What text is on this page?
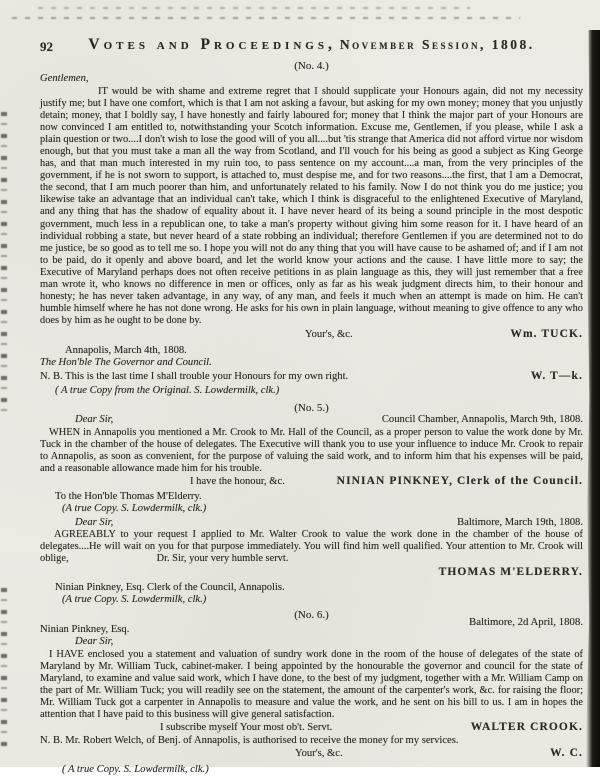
92	Votes and Proceedings, November Session, 1808.
(No. 4.)
Gentlemen,

IT would be with shame and extreme regret that I should supplicate your Honours again, did not my necessity justify me; but I have one comfort, which is that I am not asking a favour, but asking for my own money; money that you unjustly detain; money, that I boldly say, I have honestly and fairly laboured for; money that I think the major part of your Honours are now convinced I am entitled to, notwithstanding your Scotch information. Excuse me, Gentlemen, if you please, while I ask a plain question or two....I don't wish to lose the good will of you all....but 'tis strange that America did not afford virtue nor wisdom enough, but that you must take a man all the way from Scotland, and I'll vouch for his being as good a subject as King George has, and that man much interested in my ruin too, to pass sentence on my account....a man, from the very principles of the government, if he is not sworn to support, is attached to, must despise me, and for two reasons....the first, that I am a Democrat, the second, that I am much poorer than him, and unfortunately related to his family. Now I do not think you do me justice; you likewise take an advantage that an individual can't take, which I think is disgraceful to the enlightened Executive of Maryland, and any thing that has the shadow of equality about it. I have never heard of its being a sound principle in the most despotic government, much less in a republican one, to take a man's property without giving him some reason for it. I have heard of an individual robbing a state, but never heard of a state robbing an individual; therefore Gentlemen if you are determined not to do me justice, be so good as to tell me so. I hope you will not do any thing that you will have cause to be ashamed of; and if I am not to be paid, do it openly and above board, and let the world know your actions and the cause. I have little more to say; the Executive of Maryland perhaps does not often receive petitions in as plain language as this, they will just remember that a free man wrote it, who knows no difference in men or offices, only as far as his weak judgment directs him, to their honour and honesty; he has never taken advantage, in any way, of any man, and feels it much when an attempt is made on him. He can't humble himself where he has not done wrong. He asks for his own in plain language, without meaning to give offence to any who does by him as he ought to be done by.

Your's, &c.	Wm. TUCK.
Annapolis, March 4th, 1808.
The Hon'ble The Governor and Council.
N. B. This is the last time I shall trouble your Honours for my own right.	W. T—k.
( A true Copy from the Original. S. Lowdermilk, clk.)
(No. 5.)
Dear Sir,	Council Chamber, Annapolis, March 9th, 1808.

WHEN in Annapolis you mentioned a Mr. Crook to Mr. Hall of the Council, as a proper person to value the work done by Mr. Tuck in the chamber of the house of delegates. The Executive will thank you to use your influence to induce Mr. Crook to repair to Annapolis, as soon as convenient, for the purpose of valuing the said work, and to inform him that his expenses will be paid, and a reasonable allowance made him for his trouble.

I have the honour, &c.	NINIAN PINKNEY, Clerk of the Council.
To the Hon'ble Thomas M'Elderry.
(A true Copy. S. Lowdermilk, clk.)
Dear Sir,	Baltimore, March 19th, 1808.

AGREEABLY to your request I applied to Mr. Walter Crook to value the work done in the chamber of the house of delegates....He will wait on you for that purpose immediately. You will find him well qualified. Your attention to Mr. Crook will oblige,	Dr. Sir, your very humble servt.

THOMAS M'ELDERRY.
Ninian Pinkney, Esq. Clerk of the Council, Annapolis.
(A true Copy. S. Lowdermilk, clk.)
(No. 6.)
Baltimore, 2d April, 1808.
Ninian Pinkney, Esq.
Dear Sir,

I HAVE enclosed you a statement and valuation of sundry work done in the room of the house of delegates of the state of Maryland by Mr. William Tuck, cabinet-maker. I being appointed by the honourable the governor and council for the state of Maryland, to examine and value said work, which I have done, to the best of my judgment, together with a Mr. William Camp on the part of Mr. William Tuck; you will readily see on the statement, the amount of the carpenter's work, &c. for raising the floor; Mr. William Tuck got a carpenter in Annapolis to measure and value the work, and he sent on his bill to us. I am in hopes the attention that I have paid to this business will give general satisfaction.

I subscribe myself Your most ob't. Servt.	WALTER CROOK.
N. B. Mr. Robert Welch, of Benj. of Annapolis, is authorised to receive the money for my services.
Your's, &c.	W. C.
( A true Copy. S. Lowdermilk, clk.)
